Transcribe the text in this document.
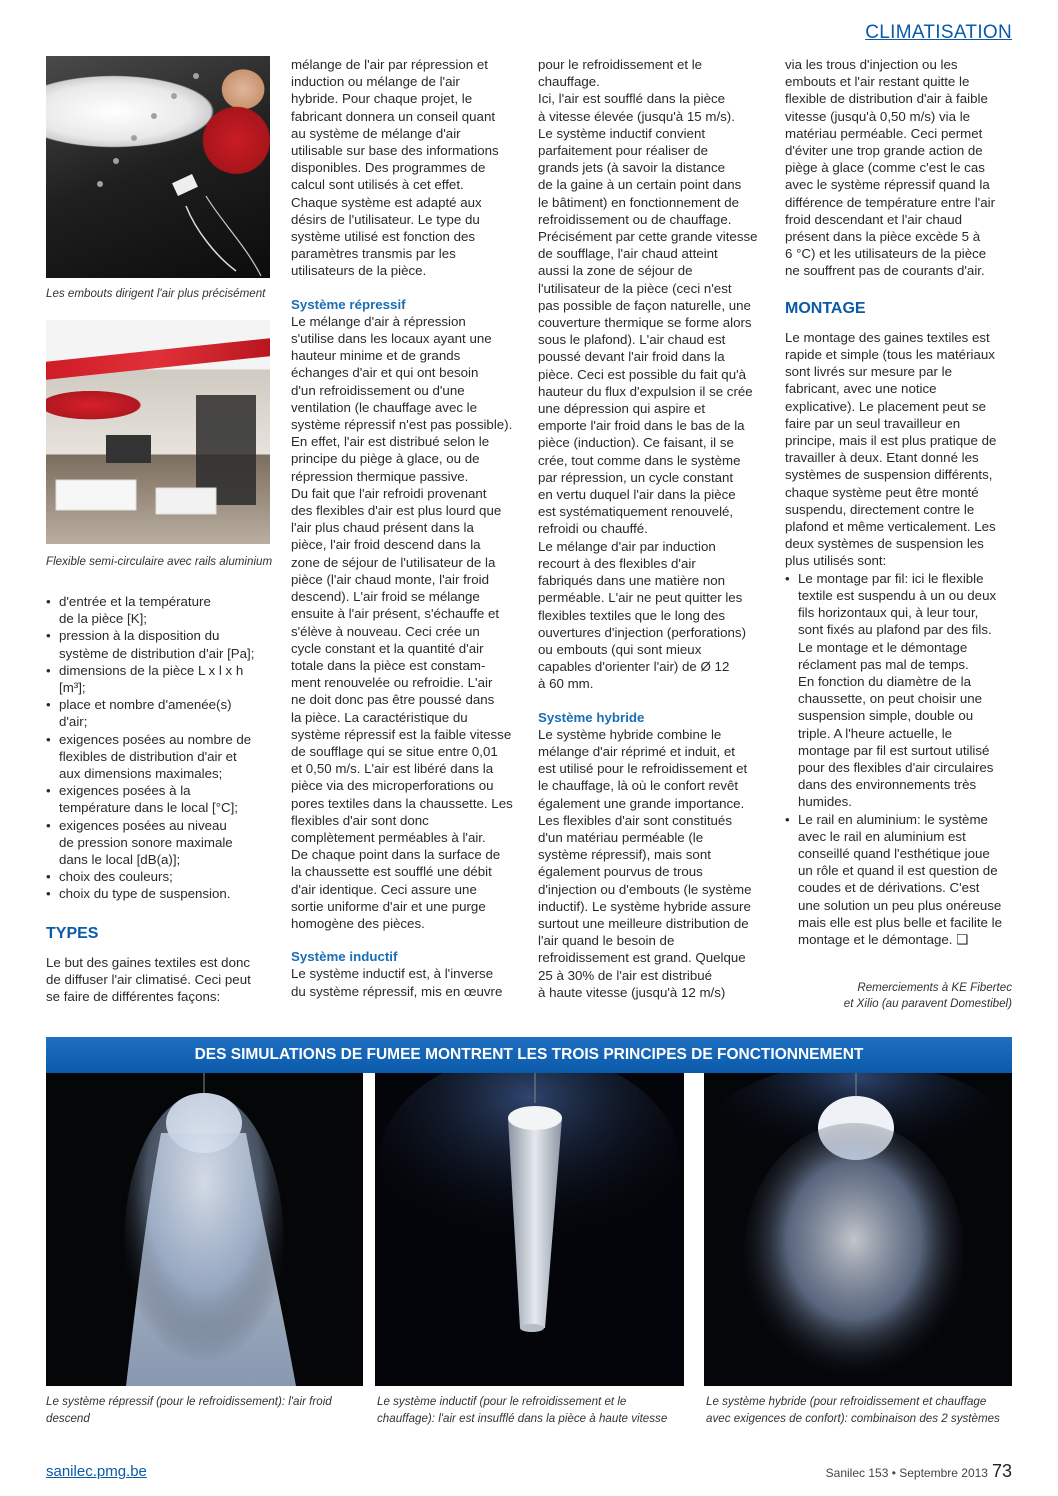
CLIMATISATION
Les embouts dirigent l'air plus précisément
Flexible semi-circulaire avec rails aluminium
• d'entrée et la température
de la pièce [K];
• pression à la disposition du
système de distribution d'air [Pa];
• dimensions de la pièce L x l x h
[m³];
• place et nombre d'amenée(s)
d'air;
• exigences posées au nombre de
flexibles de distribution d'air et
aux dimensions maximales;
• exigences posées à la
température dans le local [°C];
• exigences posées au niveau
de pression sonore maximale
dans le local [dB(a)];
• choix des couleurs;
• choix du type de suspension.
TYPES

Le but des gaines textiles est donc
de diffuser l'air climatisé. Ceci peut
se faire de différentes façons:

mélange de l'air par répression et
induction ou mélange de l'air
hybride. Pour chaque projet, le
fabricant donnera un conseil quant
au système de mélange d'air
utilisable sur base des informations
disponibles. Des programmes de
calcul sont utilisés à cet effet.
Chaque système est adapté aux
désirs de l'utilisateur. Le type du
système utilisé est fonction des
paramètres transmis par les
utilisateurs de la pièce.

Système répressif

Le mélange d'air à répression
s'utilise dans les locaux ayant une
hauteur minime et de grands
échanges d'air et qui ont besoin
d'un refroidissement ou d'une
ventilation (le chauffage avec le
système répressif n'est pas possible).
En effet, l'air est distribué selon le
principe du piège à glace, ou de
répression thermique passive.
Du fait que l'air refroidi provenant
des flexibles d'air est plus lourd que
l'air plus chaud présent dans la
pièce, l'air froid descend dans la
zone de séjour de l'utilisateur de la
pièce (l'air chaud monte, l'air froid
descend). L'air froid se mélange
ensuite à l'air présent, s'échauffe et
s'élève à nouveau. Ceci crée un
cycle constant et la quantité d'air
totale dans la pièce est constam-
ment renouvelée ou refroidie. L'air
ne doit donc pas être poussé dans
la pièce. La caractéristique du
système répressif est la faible vitesse
de soufflage qui se situe entre 0,01
et 0,50 m/s. L'air est libéré dans la
pièce via des microperforations ou
pores textiles dans la chaussette. Les
flexibles d'air sont donc
complètement perméables à l'air.
De chaque point dans la surface de
la chaussette est soufflé une débit
d'air identique. Ceci assure une
sortie uniforme d'air et une purge
homogène des pièces.

Système inductif

Le système inductif est, à l'inverse
du système répressif, mis en œuvre

pour le refroidissement et le
chauffage.
Ici, l'air est soufflé dans la pièce
à vitesse élevée (jusqu'à 15 m/s).
Le système inductif convient
parfaitement pour réaliser de
grands jets (à savoir la distance
de la gaine à un certain point dans
le bâtiment) en fonctionnement de
refroidissement ou de chauffage.
Précisément par cette grande vitesse
de soufflage, l'air chaud atteint
aussi la zone de séjour de
l'utilisateur de la pièce (ceci n'est
pas possible de façon naturelle, une
couverture thermique se forme alors
sous le plafond). L'air chaud est
poussé devant l'air froid dans la
pièce. Ceci est possible du fait qu'à
hauteur du flux d'expulsion il se crée
une dépression qui aspire et
emporte l'air froid dans le bas de la
pièce (induction). Ce faisant, il se
crée, tout comme dans le système
par répression, un cycle constant
en vertu duquel l'air dans la pièce
est systématiquement renouvelé,
refroidi ou chauffé.
Le mélange d'air par induction
recourt à des flexibles d'air
fabriqués dans une matière non
perméable. L'air ne peut quitter les
flexibles textiles que le long des
ouvertures d'injection (perforations)
ou embouts (qui sont mieux
capables d'orienter l'air) de Ø 12
à 60 mm.

Système hybride

Le système hybride combine le
mélange d'air réprimé et induit, et
est utilisé pour le refroidissement et
le chauffage, là où le confort revêt
également une grande importance.
Les flexibles d'air sont constitués
d'un matériau perméable (le
système répressif), mais sont
également pourvus de trous
d'injection ou d'embouts (le système
inductif). Le système hybride assure
surtout une meilleure distribution de
l'air quand le besoin de
refroidissement est grand. Quelque
25 à 30% de l'air est distribué
à haute vitesse (jusqu'à 12 m/s)

via les trous d'injection ou les
embouts et l'air restant quitte le
flexible de distribution d'air à faible
vitesse (jusqu'à 0,50 m/s) via le
matériau perméable. Ceci permet
d'éviter une trop grande action de
piège à glace (comme c'est le cas
avec le système répressif quand la
différence de température entre l'air
froid descendant et l'air chaud
présent dans la pièce excède 5 à
6 °C) et les utilisateurs de la pièce
ne souffrent pas de courants d'air.

MONTAGE

Le montage des gaines textiles est
rapide et simple (tous les matériaux
sont livrés sur mesure par le
fabricant, avec une notice
explicative). Le placement peut se
faire par un seul travailleur en
principe, mais il est plus pratique de
travailler à deux. Etant donné les
systèmes de suspension différents,
chaque système peut être monté
suspendu, directement contre le
plafond et même verticalement. Les
deux systèmes de suspension les
plus utilisés sont:

• Le montage par fil: ici le flexible
textile est suspendu à un ou deux
fils horizontaux qui, à leur tour,
sont fixés au plafond par des fils.
Le montage et le démontage
réclament pas mal de temps.
En fonction du diamètre de la
chaussette, on peut choisir une
suspension simple, double ou
triple. A l'heure actuelle, le
montage par fil est surtout utilisé
pour des flexibles d'air circulaires
dans des environnements très
humides.
• Le rail en aluminium: le système
avec le rail en aluminium est
conseillé quand l'esthétique joue
un rôle et quand il est question de
coudes et de dérivations. C'est
une solution un peu plus onéreuse
mais elle est plus belle et facilite le
montage et le démontage. ❑
Remerciements à KE Fibertec
et Xilio (au paravent Domestibel)
DES SIMULATIONS DE FUMEE MONTRENT LES TROIS PRINCIPES DE FONCTIONNEMENT
Le système répressif (pour le refroidissement): l'air froid
descend
Le système inductif (pour le refroidissement et le
chauffage): l'air est insufflé dans la pièce à haute vitesse
Le système hybride (pour refroidissement et chauffage
avec exigences de confort): combinaison des 2 systèmes
sanilec.pmg.be	Sanilec 153 • Septembre 2013 73
